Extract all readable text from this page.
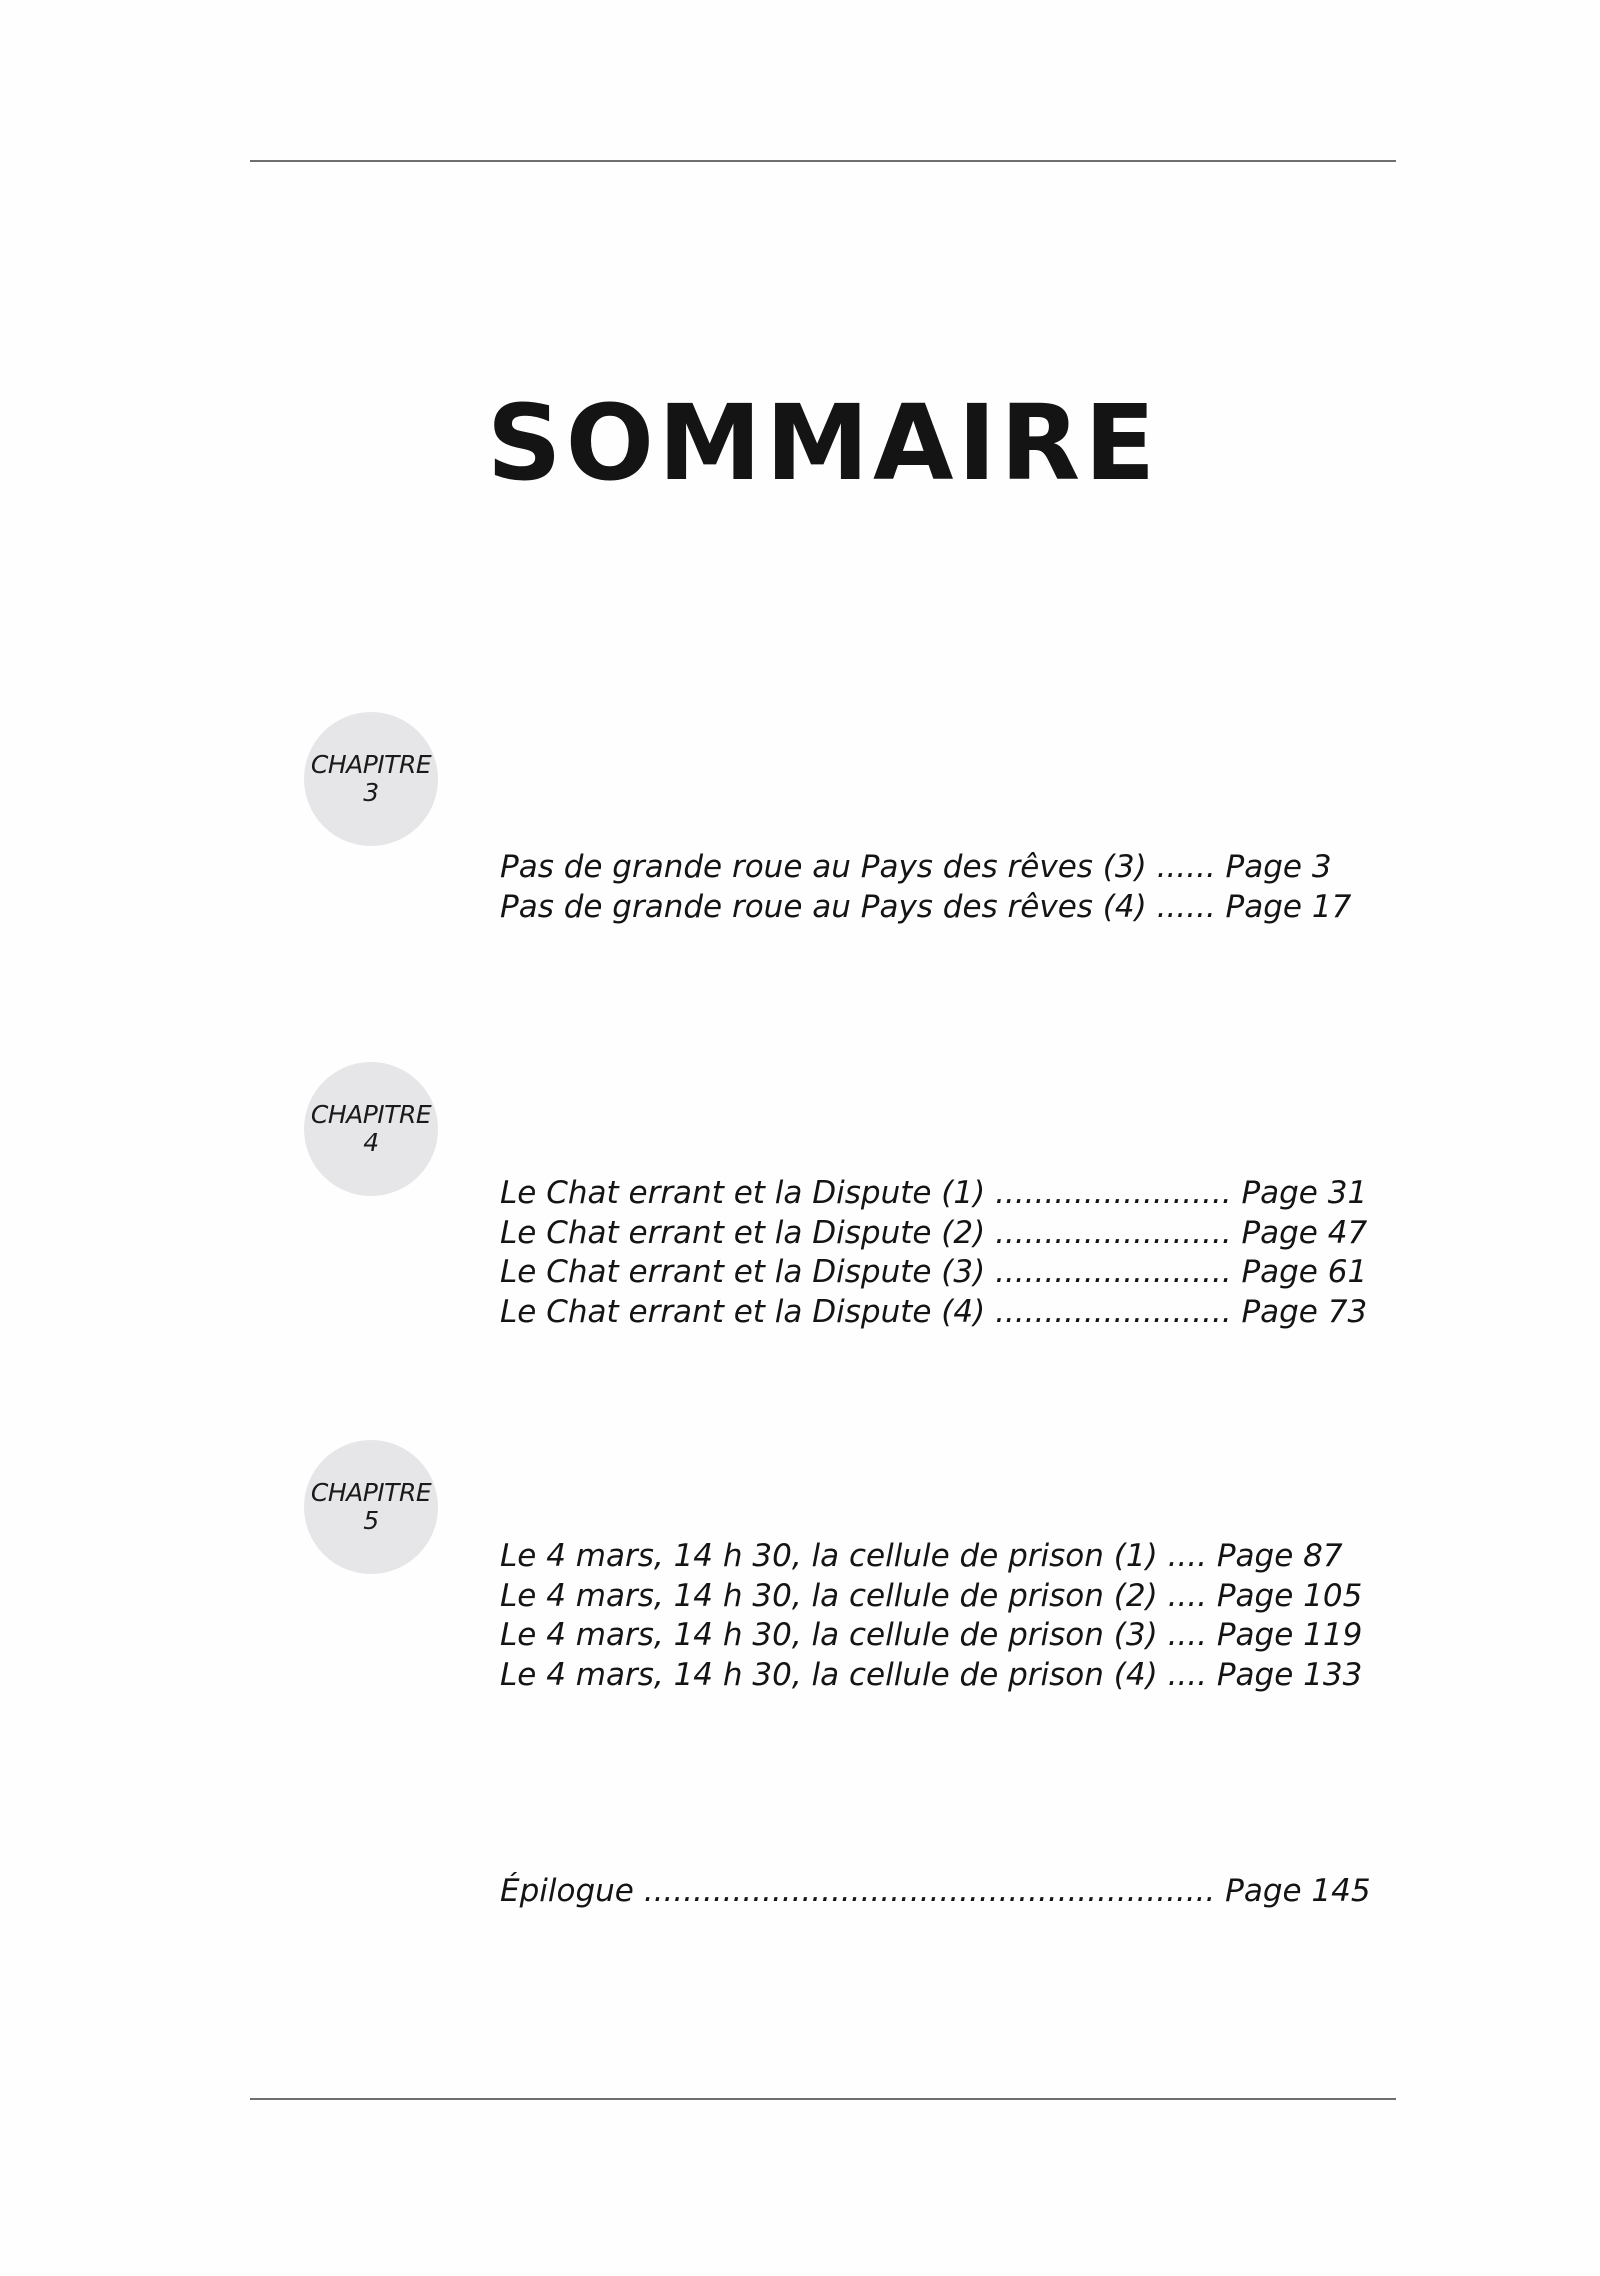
SOMMAIRE
CHAPITRE
3
Pas de grande roue au Pays des rêves (3) ...... Page 3
Pas de grande roue au Pays des rêves (4) ...... Page 17
CHAPITRE
4
Le Chat errant et la Dispute (1) ........................ Page 31
Le Chat errant et la Dispute (2) ........................ Page 47
Le Chat errant et la Dispute (3) ........................ Page 61
Le Chat errant et la Dispute (4) ........................ Page 73
CHAPITRE
5
Le 4 mars, 14 h 30, la cellule de prison (1) .... Page 87
Le 4 mars, 14 h 30, la cellule de prison (2) .... Page 105
Le 4 mars, 14 h 30, la cellule de prison (3) .... Page 119
Le 4 mars, 14 h 30, la cellule de prison (4) .... Page 133
Épilogue .......................................................... Page 145
